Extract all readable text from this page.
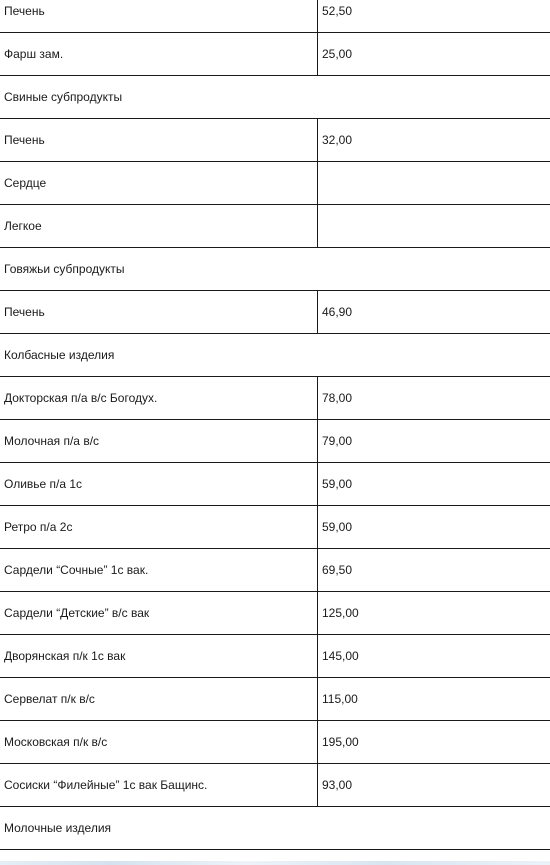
Печень	52,50
Фарш зам.	25,00
Свиные субпродукты	
Печень	32,00
Сердце	
Легкое	
Говяжьи субпродукты	
Печень	46,90
Колбасные изделия	
Докторская п/а в/с Богодух.	78,00
Молочная п/а в/с	79,00
Оливье п/а 1с	59,00
Ретро п/а 2с	59,00
Сардели “Сочные” 1с вак.	69,50
Сардели “Детские” в/с вак	125,00
Дворянская п/к 1с вак	145,00
Сервелат п/к в/с	115,00
Московская п/к в/с	195,00
Сосиски “Филейные” 1с вак Бащинс.	93,00
Молочные изделия	
